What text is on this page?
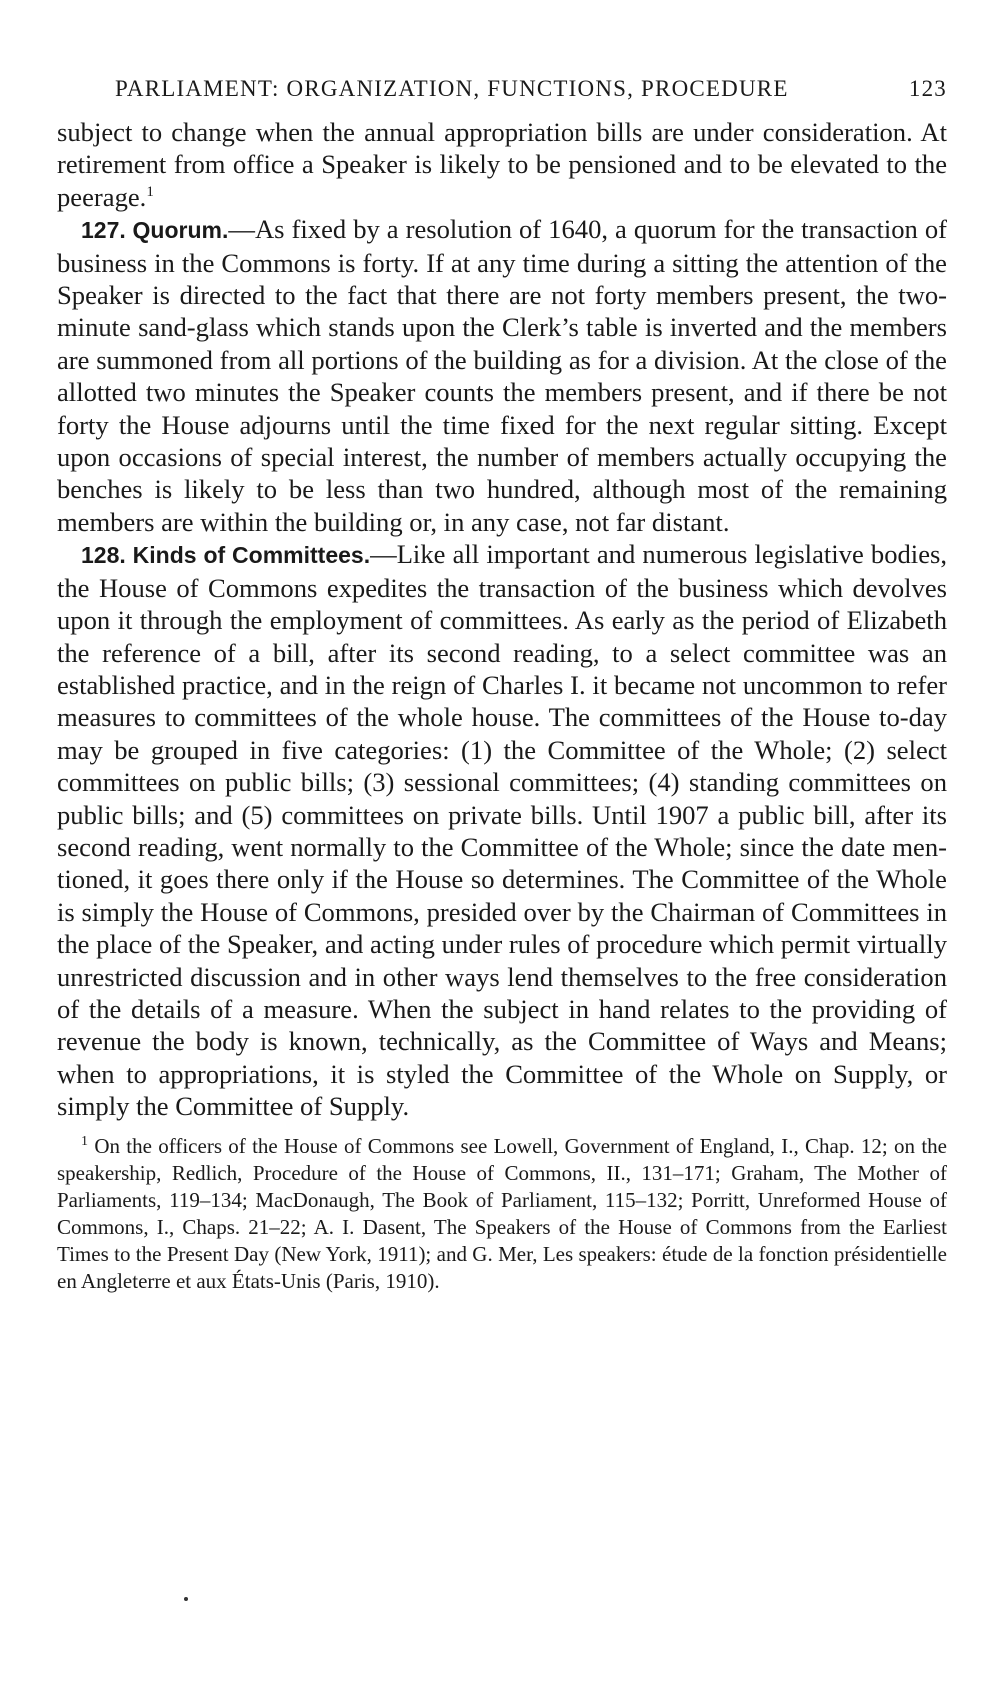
PARLIAMENT: ORGANIZATION, FUNCTIONS, PROCEDURE	123

subject to change when the annual appropriation bills are under consideration. At retirement from office a Speaker is likely to be pensioned and to be elevated to the peerage.$^1$

127. Quorum.—As fixed by a resolution of 1640, a quorum for the transaction of business in the Commons is forty. If at any time during a sitting the attention of the Speaker is directed to the fact that there are not forty members present, the two-minute sand-glass which stands upon the Clerk’s table is inverted and the members are summoned from all portions of the building as for a division. At the close of the allotted two minutes the Speaker counts the members present, and if there be not forty the House adjourns until the time fixed for the next regular sitting. Except upon occasions of special interest, the number of members actually occupying the benches is likely to be less than two hundred, although most of the remaining members are within the building or, in any case, not far distant.

128. Kinds of Committees.—Like all important and numerous legislative bodies, the House of Commons expedites the transaction of the business which devolves upon it through the employment of committees. As early as the period of Elizabeth the reference of a bill, after its second reading, to a select committee was an established practice, and in the reign of Charles I. it became not uncommon to refer measures to committees of the whole house. The committees of the House to-day may be grouped in five categories: (1) the Committee of the Whole; (2) select committees on public bills; (3) sessional committees; (4) standing committees on public bills; and (5) committees on private bills. Until 1907 a public bill, after its second reading, went normally to the Committee of the Whole; since the date mentioned, it goes there only if the House so determines. The Committee of the Whole is simply the House of Commons, presided over by the Chairman of Committees in the place of the Speaker, and acting under rules of procedure which permit virtually unrestricted discussion and in other ways lend themselves to the free consideration of the details of a measure. When the subject in hand relates to the providing of revenue the body is known, technically, as the Committee of Ways and Means; when to appropriations, it is styled the Committee of the Whole on Supply, or simply the Committee of Supply.

$^1$ On the officers of the House of Commons see Lowell, Government of England, I., Chap. 12; on the speakership, Redlich, Procedure of the House of Commons, II., 131–171; Graham, The Mother of Parliaments, 119–134; MacDonaugh, The Book of Parliament, 115–132; Porritt, Unreformed House of Commons, I., Chaps. 21–22; A. I. Dasent, The Speakers of the House of Commons from the Earliest Times to the Present Day (New York, 1911); and G. Mer, Les speakers: étude de la fonction présidentielle en Angleterre et aux États-Unis (Paris, 1910).
